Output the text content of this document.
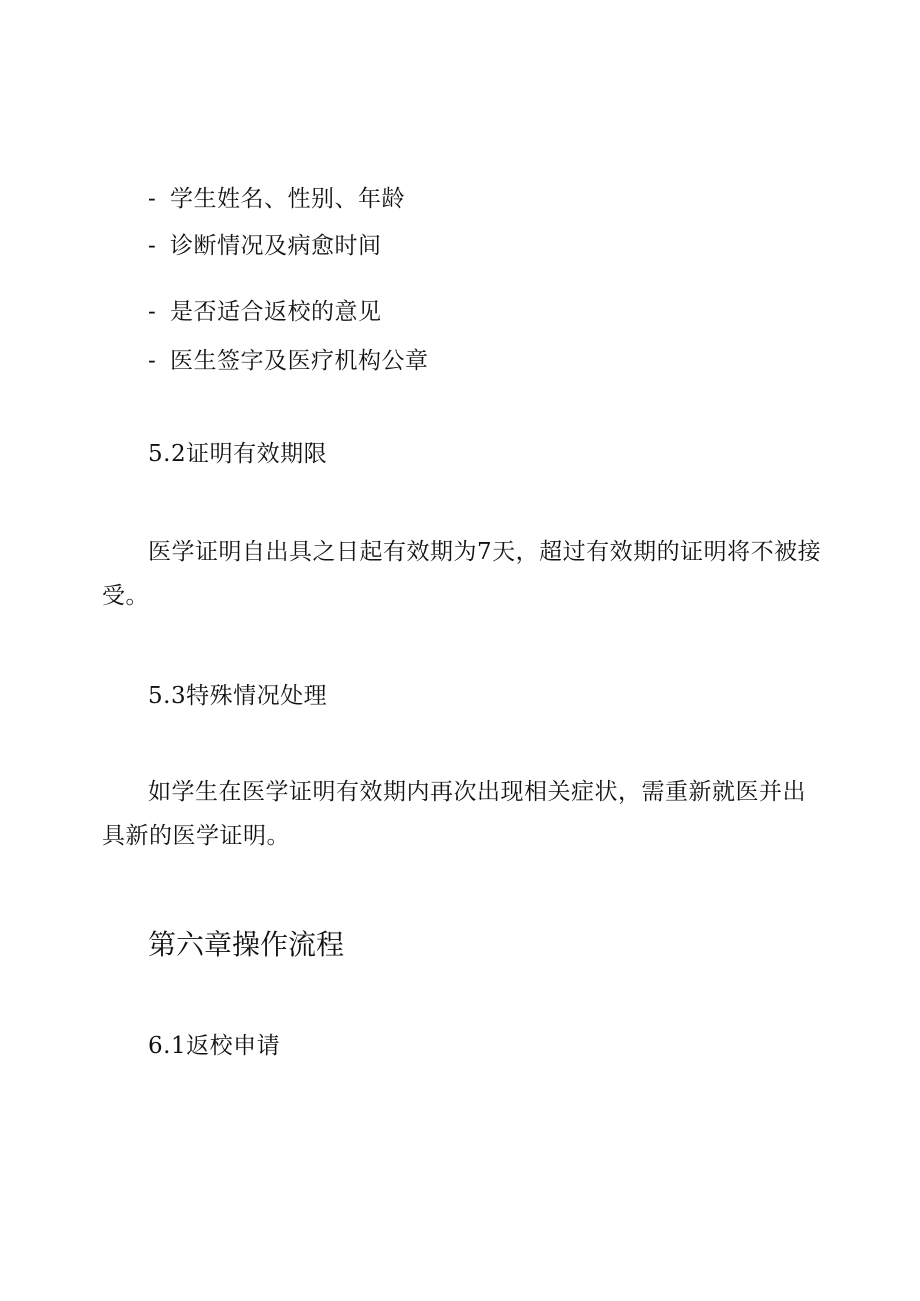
- 学生姓名、性别、年龄
- 诊断情况及病愈时间
- 是否适合返校的意见
- 医生签字及医疗机构公章
5.2证明有效期限
医学证明自出具之日起有效期为7天，超过有效期的证明将不被接受。
5.3特殊情况处理
如学生在医学证明有效期内再次出现相关症状，需重新就医并出具新的医学证明。
第六章操作流程
6.1返校申请
